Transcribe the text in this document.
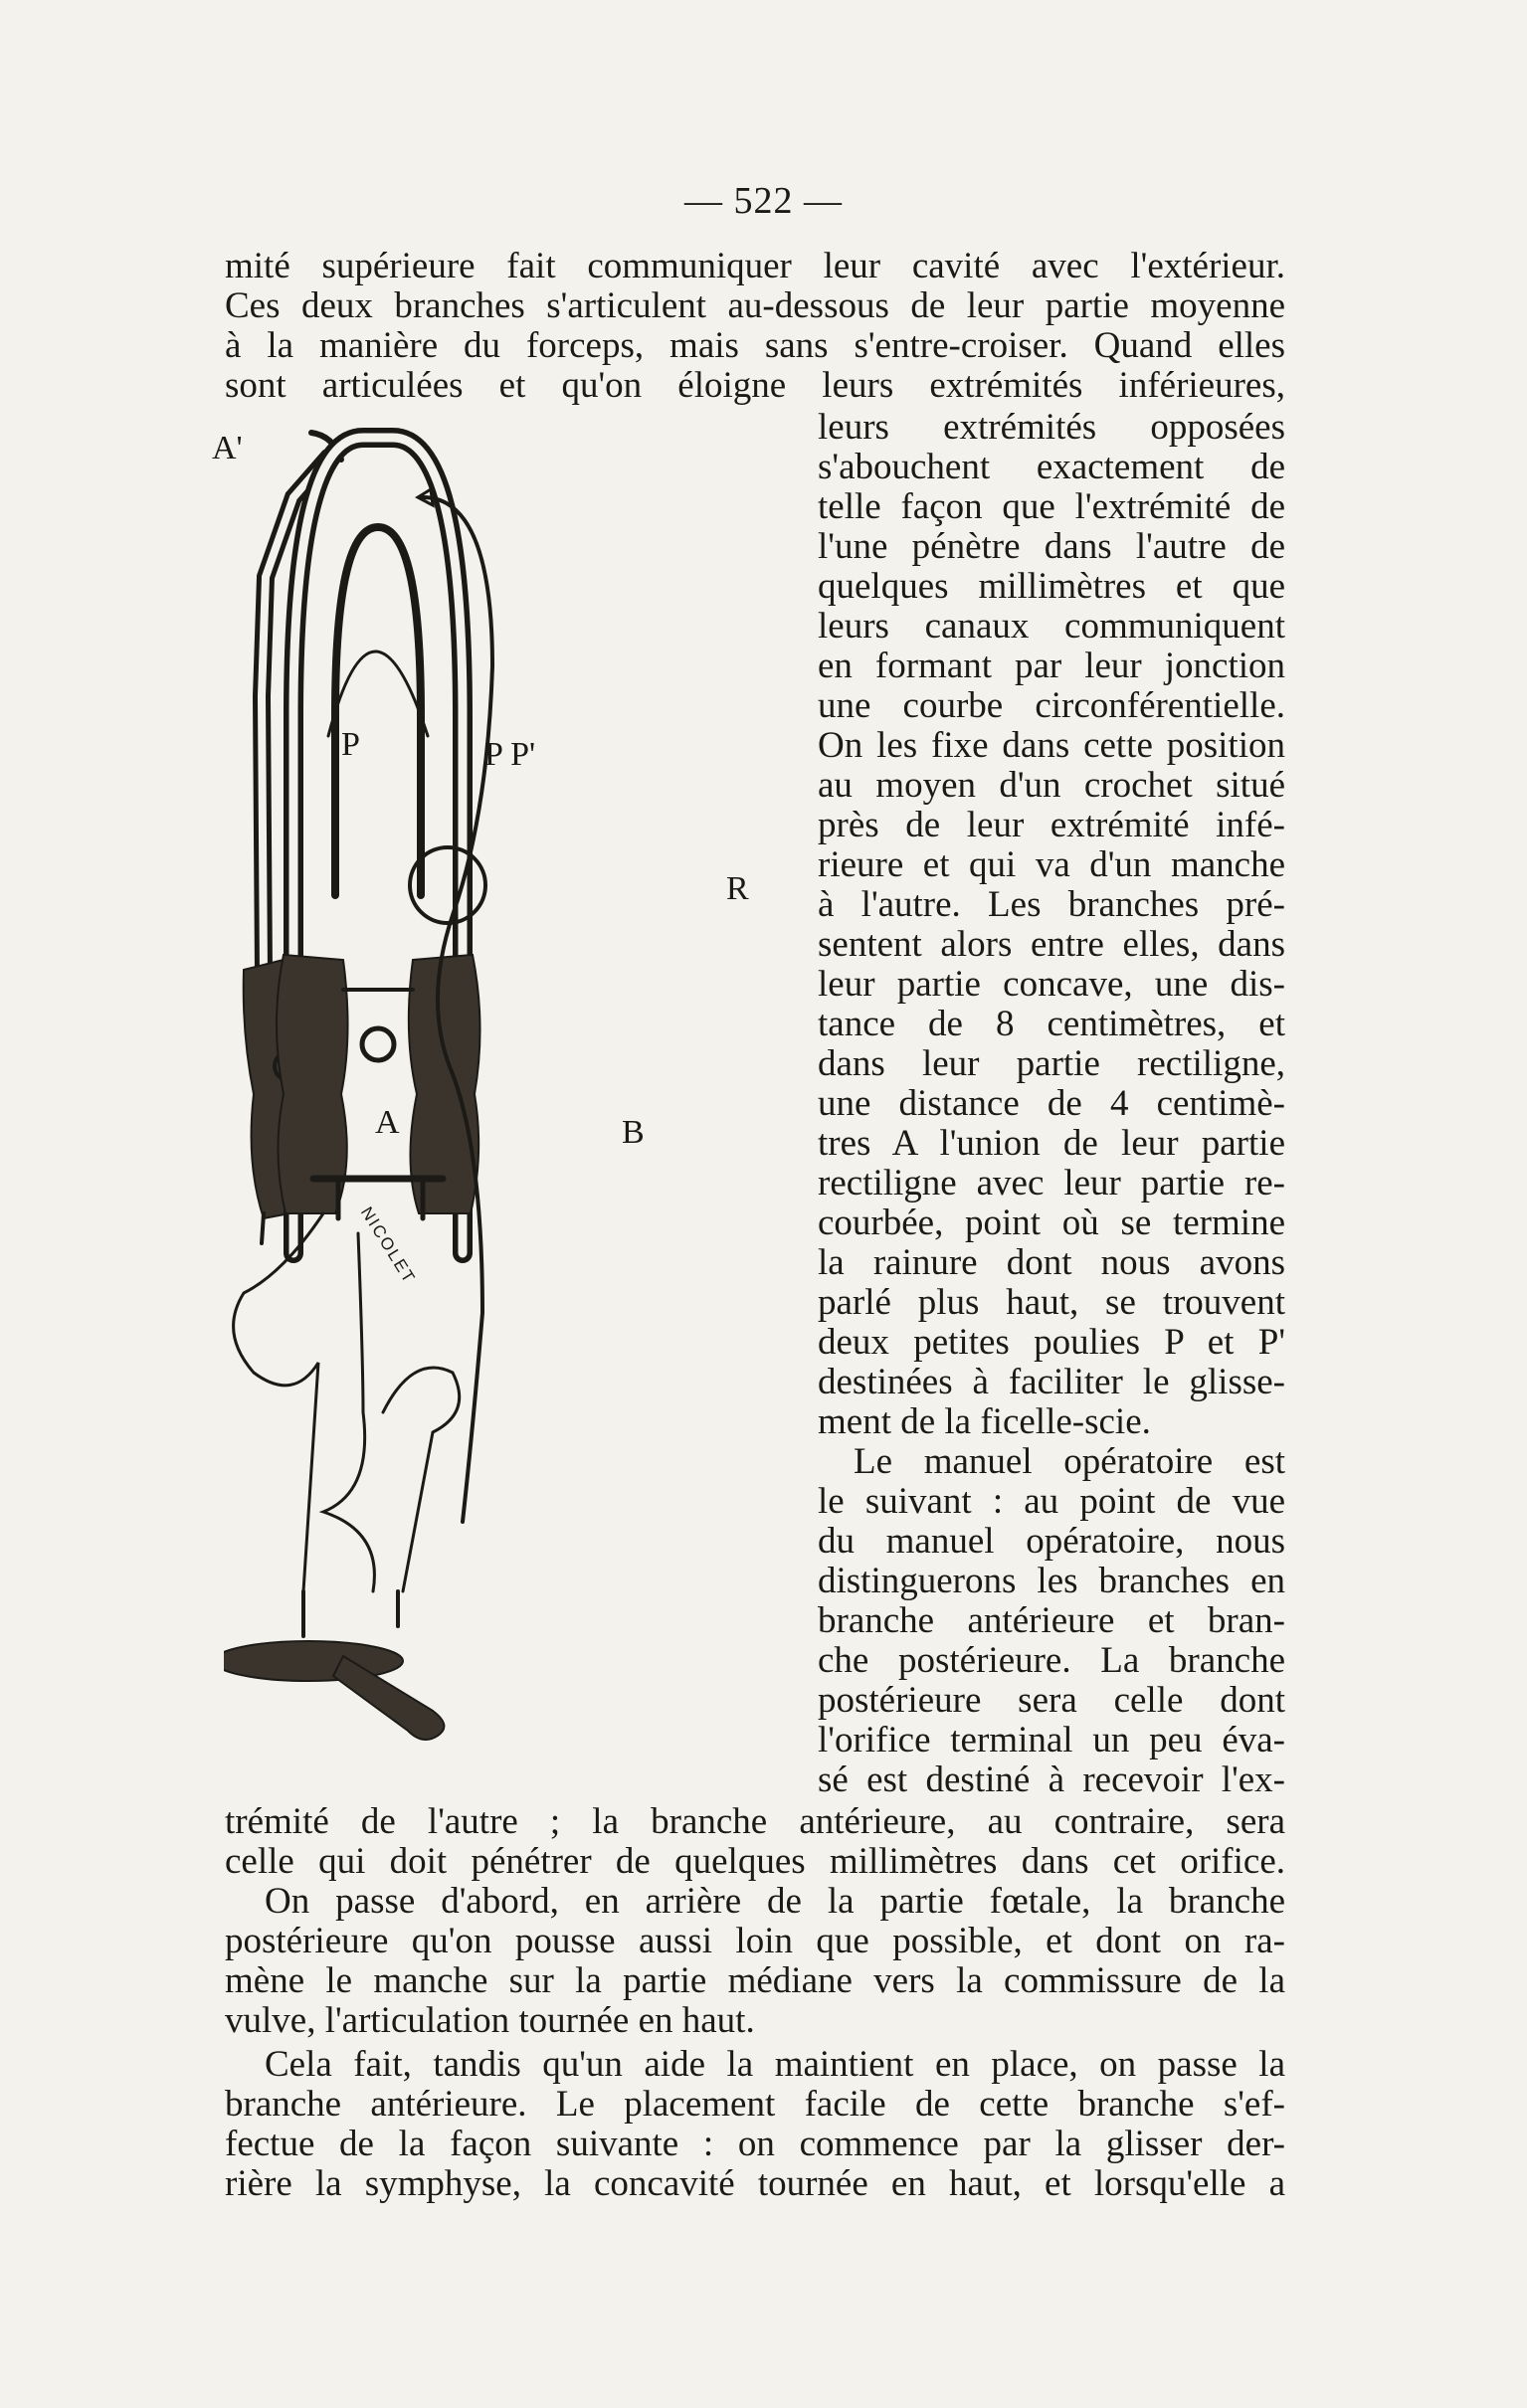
— 522 —
mité supérieure fait communiquer leur cavité avec l'extérieur.
Ces deux branches s'articulent au-dessous de leur partie moyenne
à la manière du forceps, mais sans s'entre-croiser. Quand elles
sont articulées et qu'on éloigne leurs extrémités inférieures,
leurs extrémités opposées
s'abouchent exactement de
telle façon que l'extrémité de
l'une pénètre dans l'autre de
quelques millimètres et que
leurs canaux communiquent
en formant par leur jonction
une courbe circonférentielle.
On les fixe dans cette position
au moyen d'un crochet situé
près de leur extrémité infé-
rieure et qui va d'un manche
à l'autre. Les branches pré-
sentent alors entre elles, dans
leur partie concave, une dis-
tance de 8 centimètres, et
dans leur partie rectiligne,
une distance de 4 centimè-
tres A l'union de leur partie
rectiligne avec leur partie re-
courbée, point où se termine
la rainure dont nous avons
parlé plus haut, se trouvent
deux petites poulies P et P'
destinées à faciliter le glisse-
ment de la ficelle-scie.
Le manuel opératoire est
le suivant : au point de vue
du manuel opératoire, nous
distinguerons les branches en
branche antérieure et bran-
che postérieure. La branche
postérieure sera celle dont
l'orifice terminal un peu éva-
sé est destiné à recevoir l'ex-
trémité de l'autre ; la branche antérieure, au contraire, sera
celle qui doit pénétrer de quelques millimètres dans cet orifice.
On passe d'abord, en arrière de la partie fœtale, la branche
postérieure qu'on pousse aussi loin que possible, et dont on ra-
mène le manche sur la partie médiane vers la commissure de la
vulve, l'articulation tournée en haut.
Cela fait, tandis qu'un aide la maintient en place, on passe la
branche antérieure. Le placement facile de cette branche s'ef-
fectue de la façon suivante : on commence par la glisser der-
rière la symphyse, la concavité tournée en haut, et lorsqu'elle a
A'
P	P P'
R
A	B
NICOLET
